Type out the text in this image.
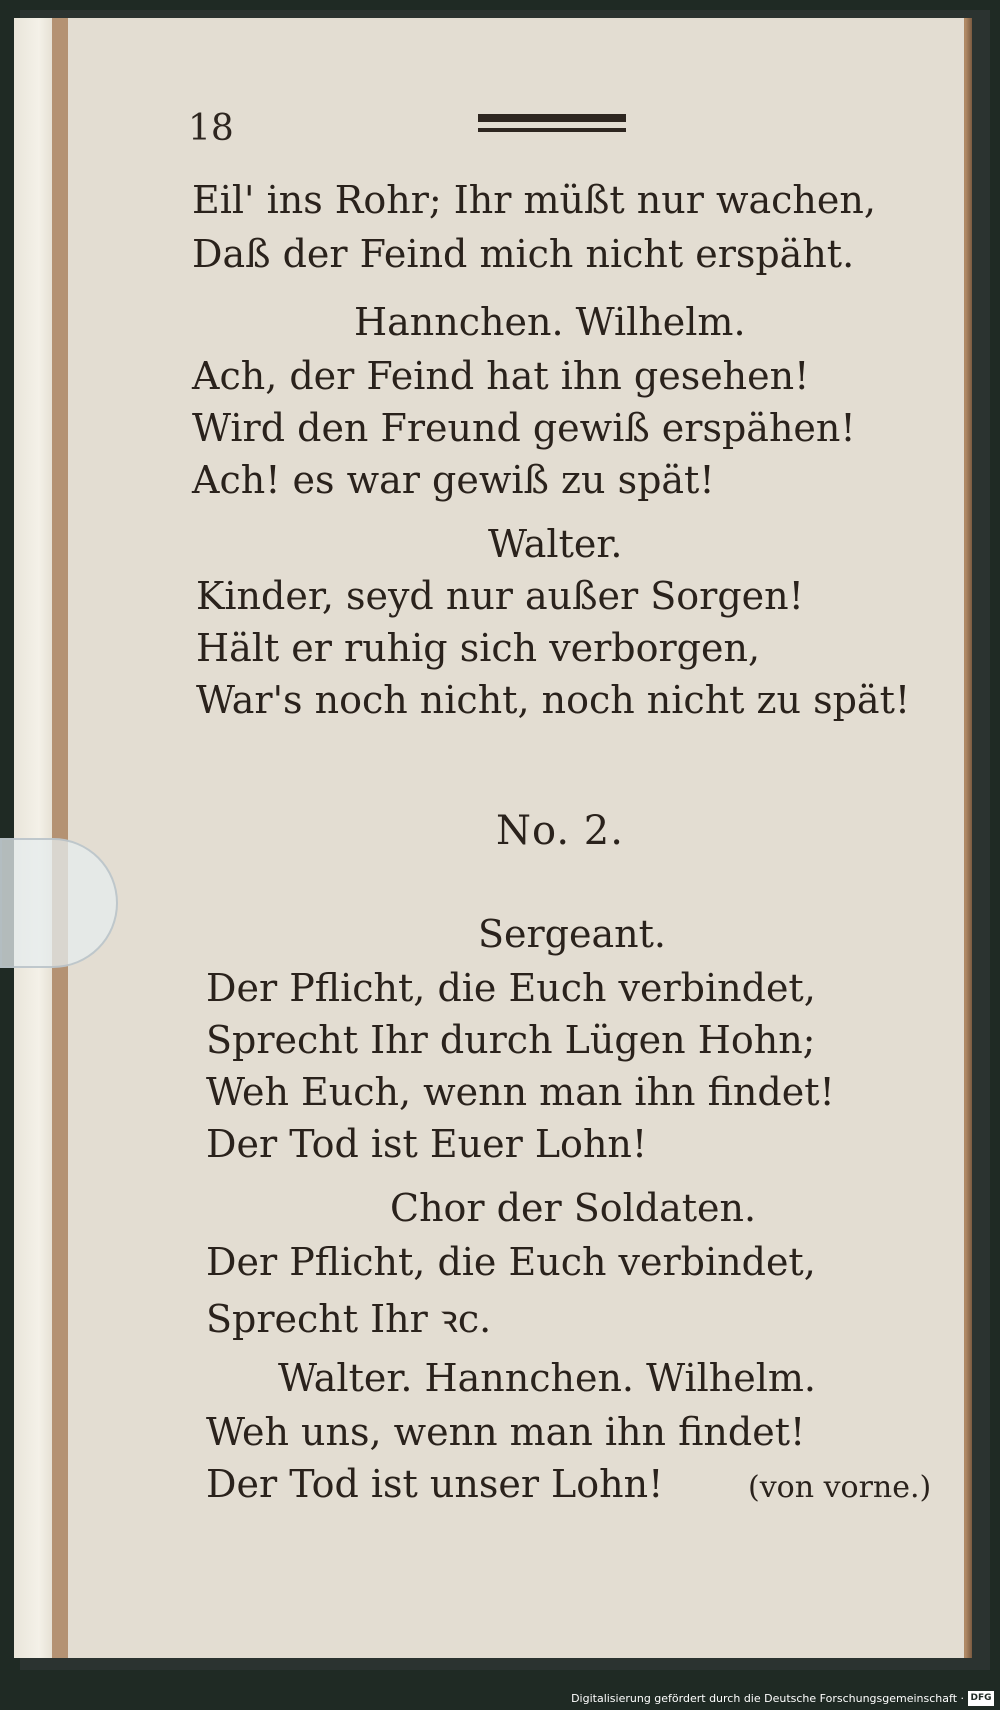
18
Eil' ins Rohr; Ihr müßt nur wachen,
Daß der Feind mich nicht erspäht.
Hannchen. Wilhelm.
Ach, der Feind hat ihn gesehen!
Wird den Freund gewiß erspähen!
Ach! es war gewiß zu spät!
Walter.
Kinder, seyd nur außer Sorgen!
Hält er ruhig sich verborgen,
War's noch nicht, noch nicht zu spät!
No. 2.
Sergeant.
Der Pflicht, die Euch verbindet,
Sprecht Ihr durch Lügen Hohn;
Weh Euch, wenn man ihn findet!
Der Tod ist Euer Lohn!
Chor der Soldaten.
Der Pflicht, die Euch verbindet,
Sprecht Ihr ꝛc.
Walter. Hannchen. Wilhelm.
Weh uns, wenn man ihn findet!
Der Tod ist unser Lohn!	(von vorne.)
Digitalisierung gefördert durch die Deutsche Forschungsgemeinschaft · DFG
